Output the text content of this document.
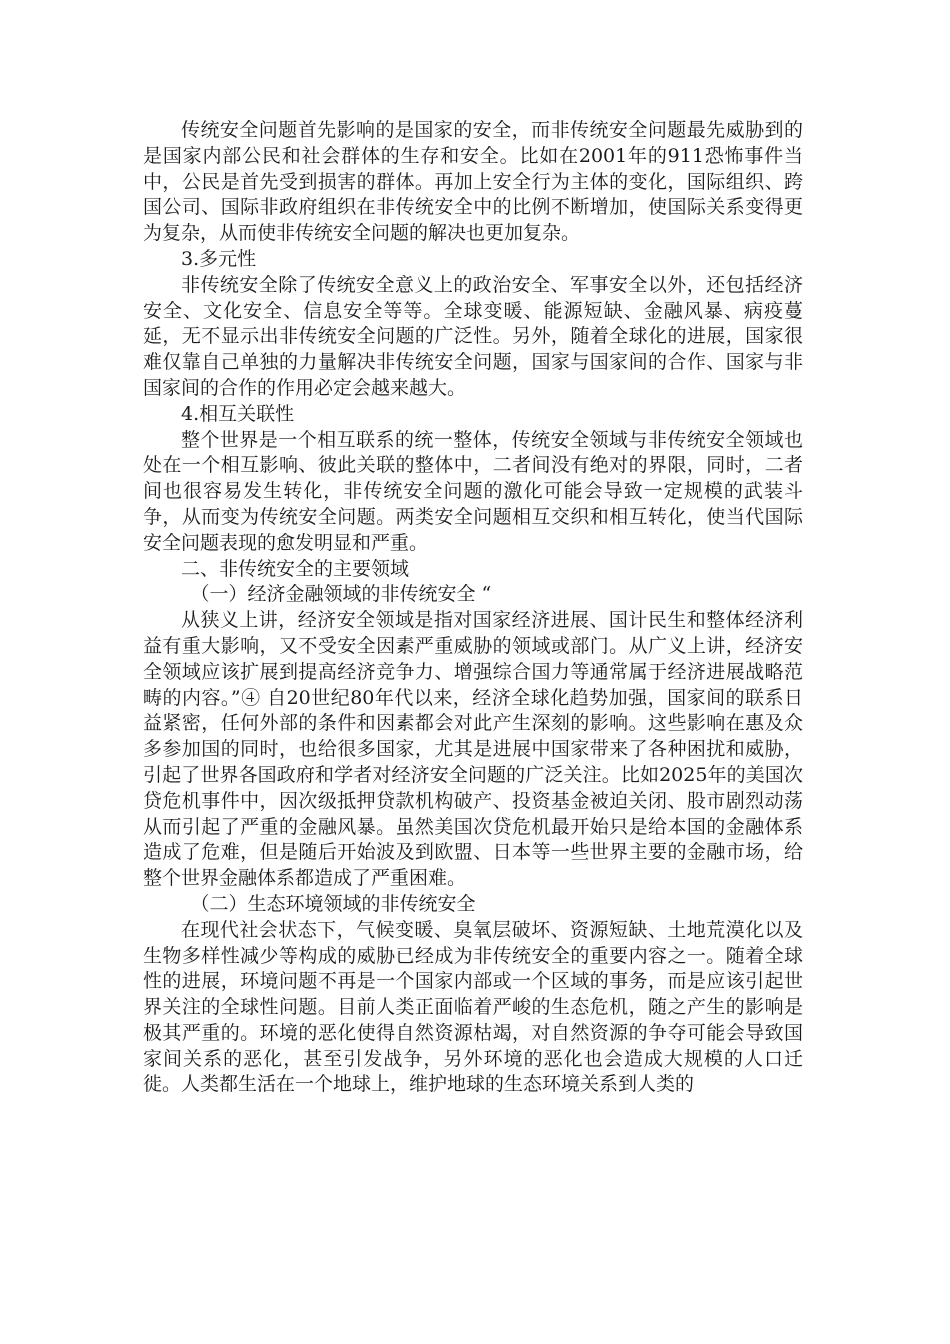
传统安全问题首先影响的是国家的安全，而非传统安全问题最先威胁到的是国家内部公民和社会群体的生存和安全。比如在2001年的911恐怖事件当中，公民是首先受到损害的群体。再加上安全行为主体的变化，国际组织、跨国公司、国际非政府组织在非传统安全中的比例不断增加，使国际关系变得更为复杂，从而使非传统安全问题的解决也更加复杂。

3.多元性

非传统安全除了传统安全意义上的政治安全、军事安全以外，还包括经济安全、文化安全、信息安全等等。全球变暖、能源短缺、金融风暴、病疫蔓延，无不显示出非传统安全问题的广泛性。另外，随着全球化的进展，国家很难仅靠自己单独的力量解决非传统安全问题，国家与国家间的合作、国家与非国家间的合作的作用必定会越来越大。

4.相互关联性

整个世界是一个相互联系的统一整体，传统安全领域与非传统安全领域也处在一个相互影响、彼此关联的整体中，二者间没有绝对的界限，同时，二者间也很容易发生转化，非传统安全问题的激化可能会导致一定规模的武装斗争，从而变为传统安全问题。两类安全问题相互交织和相互转化，使当代国际安全问题表现的愈发明显和严重。

二、非传统安全的主要领域

（一）经济金融领域的非传统安全 “

从狭义上讲，经济安全领域是指对国家经济进展、国计民生和整体经济利益有重大影响，又不受安全因素严重威胁的领域或部门。从广义上讲，经济安全领域应该扩展到提高经济竞争力、增强综合国力等通常属于经济进展战略范畴的内容。”④ 自20世纪80年代以来，经济全球化趋势加强，国家间的联系日益紧密，任何外部的条件和因素都会对此产生深刻的影响。这些影响在惠及众多参加国的同时，也给很多国家，尤其是进展中国家带来了各种困扰和威胁，引起了世界各国政府和学者对经济安全问题的广泛关注。比如2025年的美国次贷危机事件中，因次级抵押贷款机构破产、投资基金被迫关闭、股市剧烈动荡从而引起了严重的金融风暴。虽然美国次贷危机最开始只是给本国的金融体系造成了危难，但是随后开始波及到欧盟、日本等一些世界主要的金融市场，给整个世界金融体系都造成了严重困难。

（二）生态环境领域的非传统安全

在现代社会状态下，气候变暖、臭氧层破坏、资源短缺、土地荒漠化以及生物多样性减少等构成的威胁已经成为非传统安全的重要内容之一。随着全球性的进展，环境问题不再是一个国家内部或一个区域的事务，而是应该引起世界关注的全球性问题。目前人类正面临着严峻的生态危机，随之产生的影响是极其严重的。环境的恶化使得自然资源枯竭，对自然资源的争夺可能会导致国家间关系的恶化，甚至引发战争，另外环境的恶化也会造成大规模的人口迁徙。人类都生活在一个地球上，维护地球的生态环境关系到人类的
